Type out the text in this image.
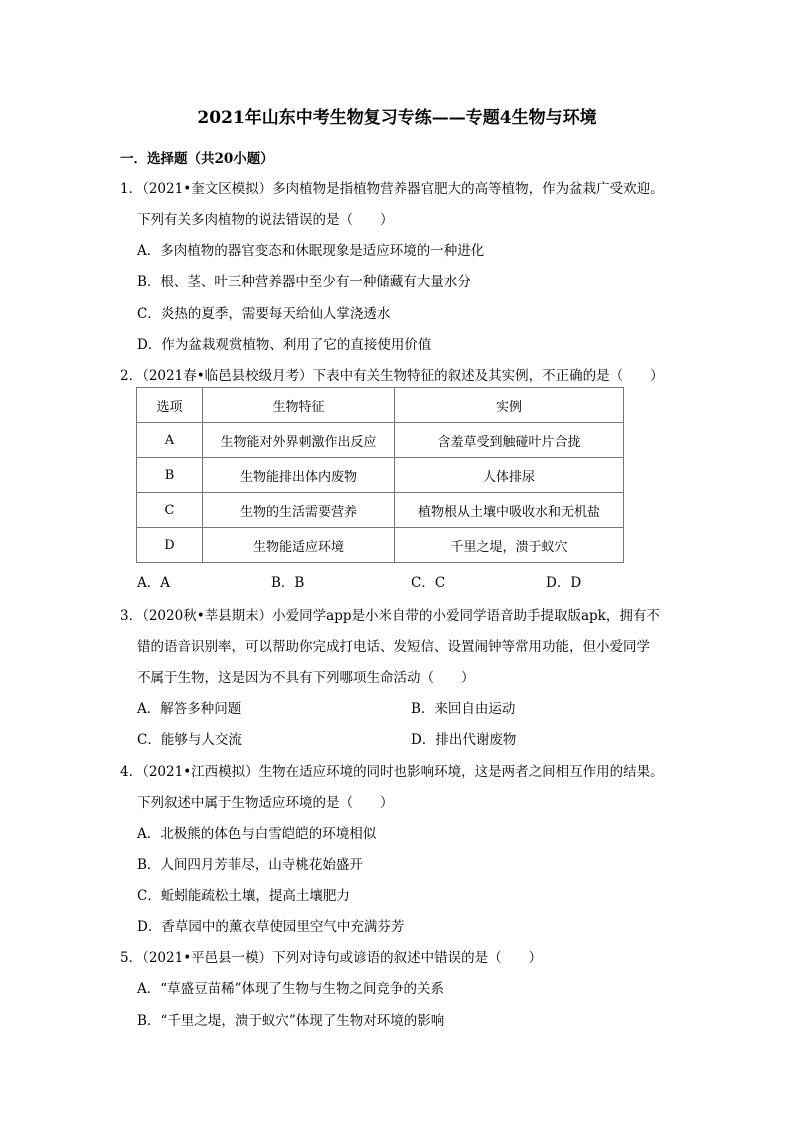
2021年山东中考生物复习专练——专题4生物与环境
一．选择题（共20小题）
1．（2021•奎文区模拟）多肉植物是指植物营养器官肥大的高等植物，作为盆栽广受欢迎。
下列有关多肉植物的说法错误的是（　　）
A．多肉植物的器官变态和休眠现象是适应环境的一种进化
B．根、茎、叶三种营养器中至少有一种储藏有大量水分
C．炎热的夏季，需要每天给仙人掌浇透水
D．作为盆栽观赏植物、利用了它的直接使用价值
2．（2021春•临邑县校级月考）下表中有关生物特征的叙述及其实例，不正确的是（　　）
选项	生物特征	实例
A	生物能对外界刺激作出反应	含羞草受到触碰叶片合拢
B	生物能排出体内废物	人体排尿
C	生物的生活需要营养	植物根从土壤中吸收水和无机盐
D	生物能适应环境	千里之堤，溃于蚁穴
A．A	B．B	C．C	D．D
3．（2020秋•莘县期末）小爱同学app是小米自带的小爱同学语音助手提取版apk，拥有不
错的语音识别率，可以帮助你完成打电话、发短信、设置闹钟等常用功能，但小爱同学
不属于生物，这是因为不具有下列哪项生命活动（　　）
A．解答多种问题	B．来回自由运动
C．能够与人交流	D．排出代谢废物
4．（2021•江西模拟）生物在适应环境的同时也影响环境，这是两者之间相互作用的结果。
下列叙述中属于生物适应环境的是（　　）
A．北极熊的体色与白雪皑皑的环境相似
B．人间四月芳菲尽，山寺桃花始盛开
C．蚯蚓能疏松土壤，提高土壤肥力
D．香草园中的薰衣草使园里空气中充满芬芳
5．（2021•平邑县一模）下列对诗句或谚语的叙述中错误的是（　　）
A．“草盛豆苗稀”体现了生物与生物之间竞争的关系
B．“千里之堤，溃于蚁穴”体现了生物对环境的影响
